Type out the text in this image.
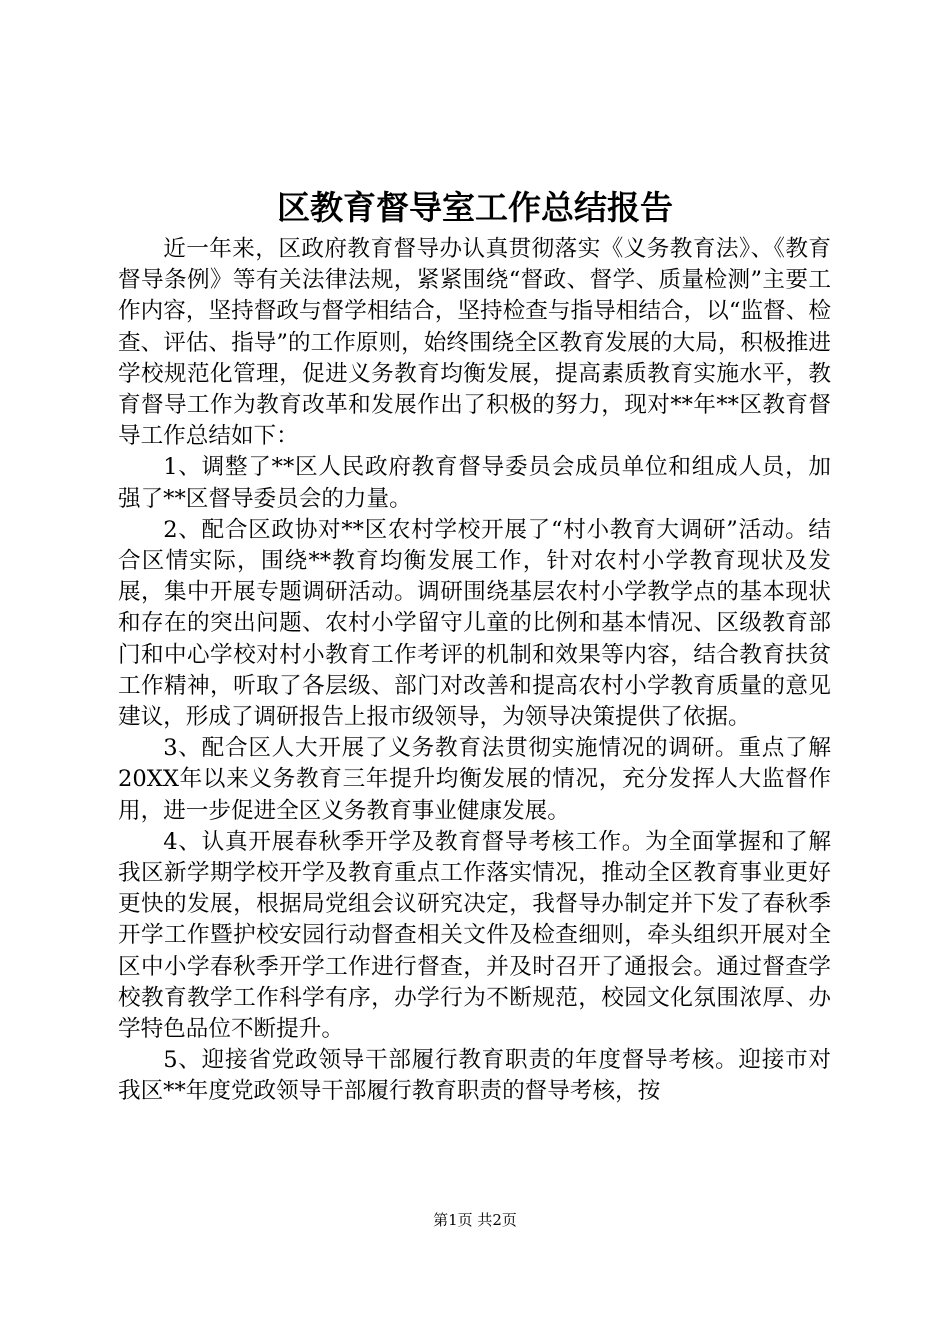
区教育督导室工作总结报告

近一年来，区政府教育督导办认真贯彻落实《义务教育法》、《教育督导条例》等有关法律法规，紧紧围绕“督政、督学、质量检测”主要工作内容，坚持督政与督学相结合，坚持检查与指导相结合，以“监督、检查、评估、指导”的工作原则，始终围绕全区教育发展的大局，积极推进学校规范化管理，促进义务教育均衡发展，提高素质教育实施水平，教育督导工作为教育改革和发展作出了积极的努力，现对**年**区教育督导工作总结如下：

1、调整了**区人民政府教育督导委员会成员单位和组成人员，加强了**区督导委员会的力量。

2、配合区政协对**区农村学校开展了“村小教育大调研”活动。结合区情实际，围绕**教育均衡发展工作，针对农村小学教育现状及发展，集中开展专题调研活动。调研围绕基层农村小学教学点的基本现状和存在的突出问题、农村小学留守儿童的比例和基本情况、区级教育部门和中心学校对村小教育工作考评的机制和效果等内容，结合教育扶贫工作精神，听取了各层级、部门对改善和提高农村小学教育质量的意见建议，形成了调研报告上报市级领导，为领导决策提供了依据。

3、配合区人大开展了义务教育法贯彻实施情况的调研。重点了解20XX年以来义务教育三年提升均衡发展的情况，充分发挥人大监督作用，进一步促进全区义务教育事业健康发展。

4、认真开展春秋季开学及教育督导考核工作。为全面掌握和了解我区新学期学校开学及教育重点工作落实情况，推动全区教育事业更好更快的发展，根据局党组会议研究决定，我督导办制定并下发了春秋季开学工作暨护校安园行动督查相关文件及检查细则，牵头组织开展对全区中小学春秋季开学工作进行督查，并及时召开了通报会。通过督查学校教育教学工作科学有序，办学行为不断规范，校园文化氛围浓厚、办学特色品位不断提升。

5、迎接省党政领导干部履行教育职责的年度督导考核。迎接市对我区**年度党政领导干部履行教育职责的督导考核，按

第1页 共2页
